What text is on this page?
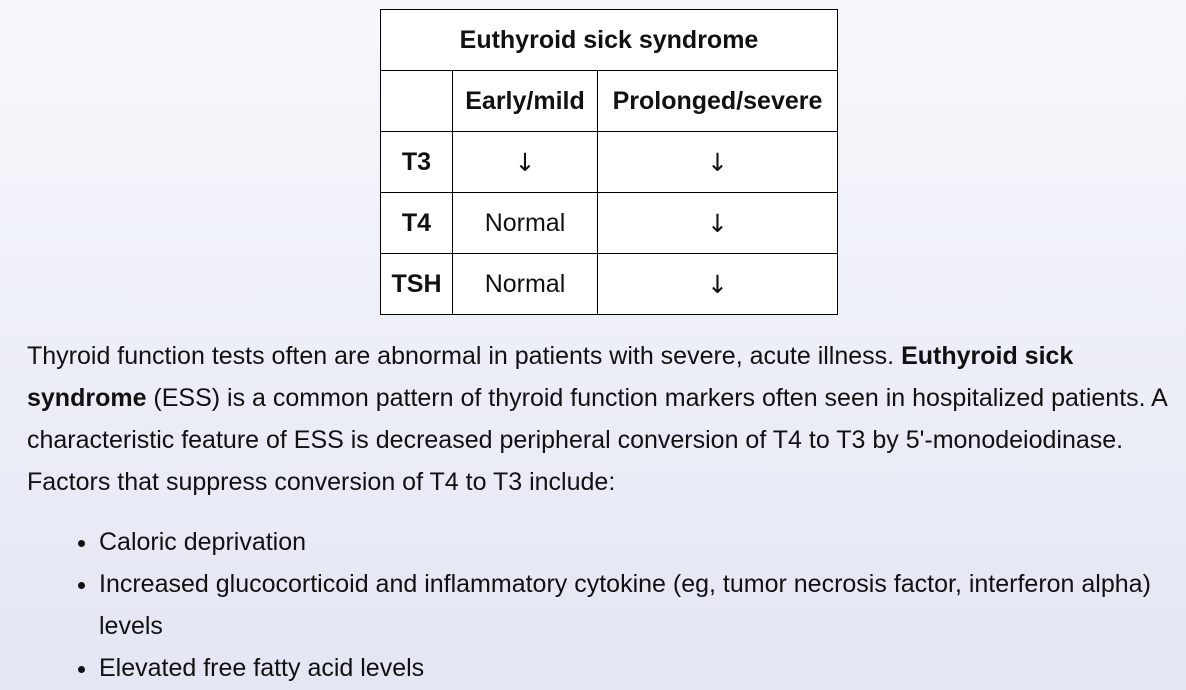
Euthyroid sick syndrome		
	Early/mild	Prolonged/severe
T3	↓	↓
T4	Normal	↓
TSH	Normal	↓

Thyroid function tests often are abnormal in patients with severe, acute illness. Euthyroid sick syndrome (ESS) is a common pattern of thyroid function markers often seen in hospitalized patients. A characteristic feature of ESS is decreased peripheral conversion of T4 to T3 by 5'-monodeiodinase. Factors that suppress conversion of T4 to T3 include:

• Caloric deprivation
• Increased glucocorticoid and inflammatory cytokine (eg, tumor necrosis factor, interferon alpha) levels
• Elevated free fatty acid levels
